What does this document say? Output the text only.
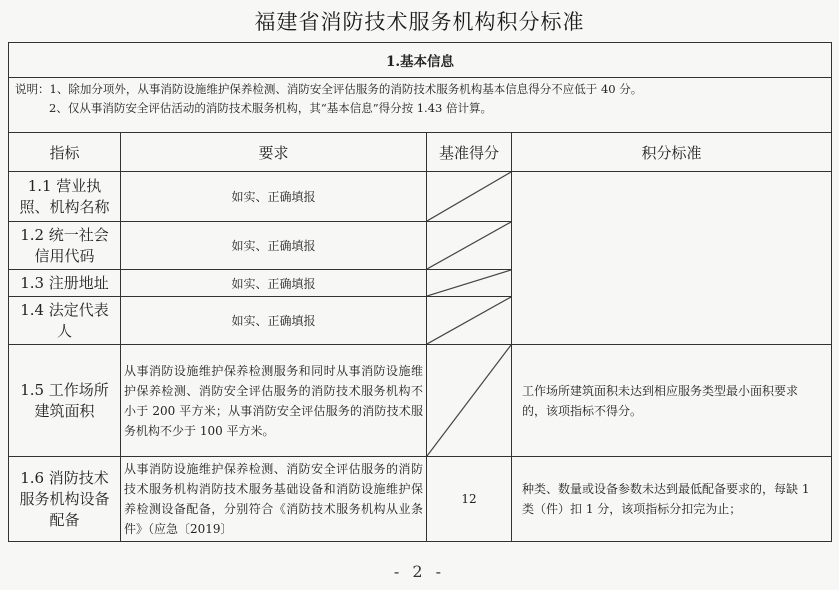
福建省消防技术服务机构积分标准
1.基本信息			

说明：1、除加分项外，从事消防设施维护保养检测、消防安全评估服务的消防技术服务机构基本信息得分不应低于 40 分。
2、仅从事消防安全评估活动的消防技术服务机构，其“基本信息”得分按 1.43 倍计算。			

指标	要求	基准得分	积分标准
1.1 营业执照、机构名称	如实、正确填报	

1.2 统一社会信用代码	如实、正确填报	

1.3 注册地址	如实、正确填报	

1.4 法定代表人	如实、正确填报	

1.5 工作场所建筑面积	从事消防设施维护保养检测服务和同时从事消防设施维护保养检测、消防安全评估服务的消防技术服务机构不小于 200 平方米；从事消防安全评估服务的消防技术服务机构不少于 100 平方米。		工作场所建筑面积未达到相应服务类型最小面积要求的，该项指标不得分。
1.6 消防技术服务机构设备配备	从事消防设施维护保养检测、消防安全评估服务的消防技术服务机构消防技术服务基础设备和消防设施维护保养检测设备配备，分别符合《消防技术服务机构从业条件》（应急〔2019〕	12	种类、数量或设备参数未达到最低配备要求的，每缺 1 类（件）扣 1 分，该项指标分扣完为止；
- 2 -
